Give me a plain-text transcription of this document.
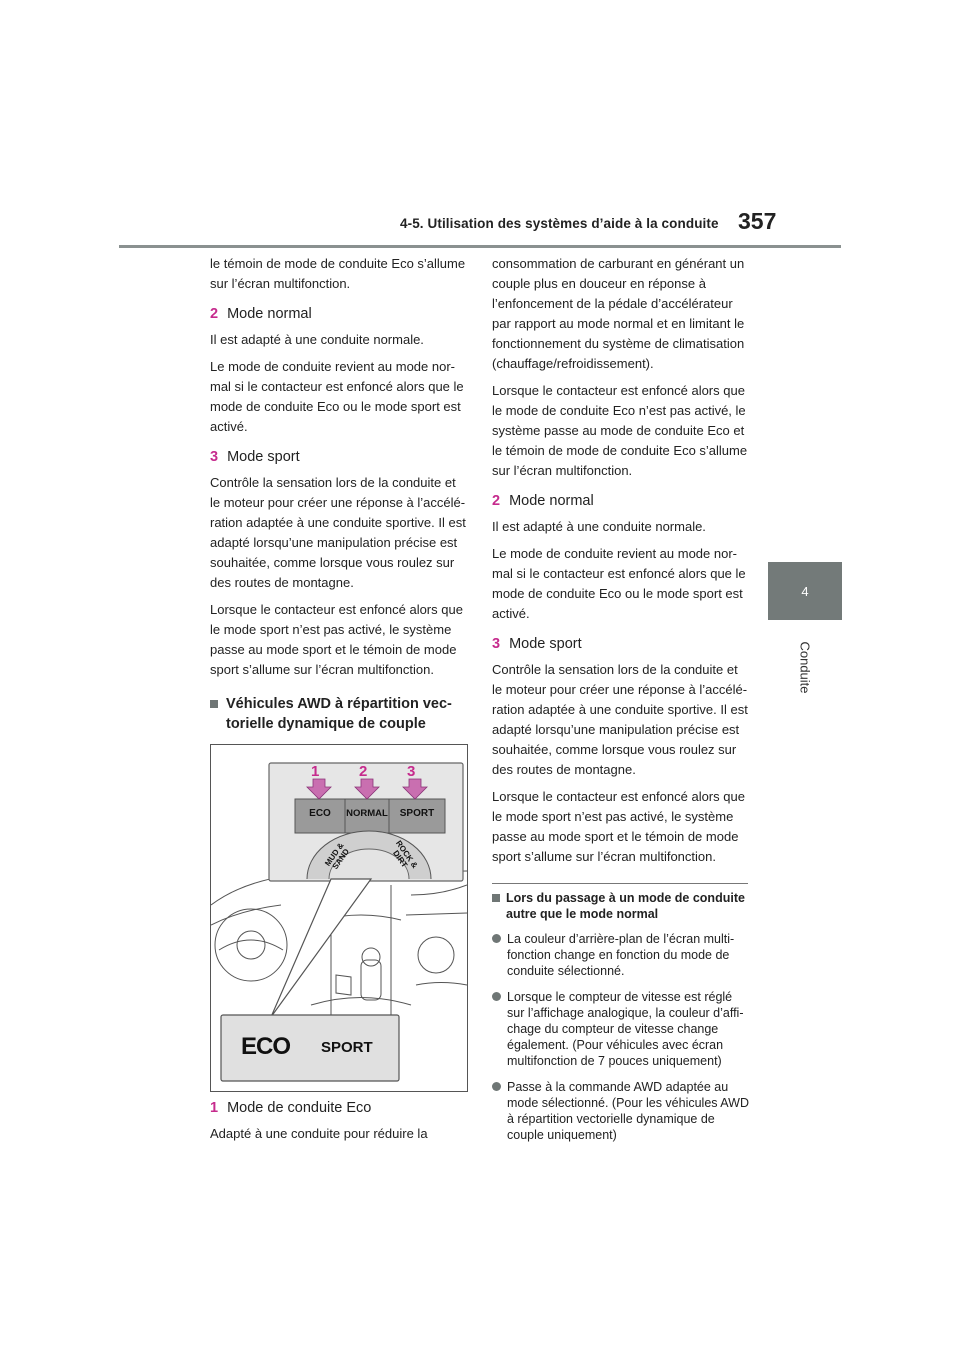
4-5. Utilisation des systèmes d’aide à la conduite 357
4
Conduite

le témoin de mode de conduite Eco s’allume sur l’écran multifonction.

2 Mode normal

Il est adapté à une conduite normale.

Le mode de conduite revient au mode nor-mal si le contacteur est enfoncé alors que le mode de conduite Eco ou le mode sport est activé.

3 Mode sport

Contrôle la sensation lors de la conduite et le moteur pour créer une réponse à l’accélé-ration adaptée à une conduite sportive. Il est adapté lorsqu’une manipulation précise est souhaitée, comme lorsque vous roulez sur des routes de montagne.

Lorsque le contacteur est enfoncé alors que le mode sport n’est pas activé, le système passe au mode sport et le témoin de mode sport s’allume sur l’écran multifonction.

Véhicules AWD à répartition vec-torielle dynamique de couple
1	2	3
ECO	NORMAL	SPORT
MUD & SAND	ROCK & DIRT
ECO SPORT
1 Mode de conduite Eco

Adapté à une conduite pour réduire la

consommation de carburant en générant un couple plus en douceur en réponse à l’enfoncement de la pédale d’accélérateur par rapport au mode normal et en limitant le fonctionnement du système de climatisation (chauffage/refroidissement).

Lorsque le contacteur est enfoncé alors que le mode de conduite Eco n’est pas activé, le système passe au mode de conduite Eco et le témoin de mode de conduite Eco s’allume sur l’écran multifonction.

2 Mode normal

Il est adapté à une conduite normale.

Le mode de conduite revient au mode nor-mal si le contacteur est enfoncé alors que le mode de conduite Eco ou le mode sport est activé.

3 Mode sport

Contrôle la sensation lors de la conduite et le moteur pour créer une réponse à l’accélé-ration adaptée à une conduite sportive. Il est adapté lorsqu’une manipulation précise est souhaitée, comme lorsque vous roulez sur des routes de montagne.

Lorsque le contacteur est enfoncé alors que le mode sport n’est pas activé, le système passe au mode sport et le témoin de mode sport s’allume sur l’écran multifonction.

Lors du passage à un mode de conduite autre que le mode normal
La couleur d’arrière-plan de l’écran multi-fonction change en fonction du mode de conduite sélectionné.
Lorsque le compteur de vitesse est réglé sur l’affichage analogique, la couleur d’affi-chage du compteur de vitesse change également. (Pour véhicules avec écran multifonction de 7 pouces uniquement)
Passe à la commande AWD adaptée au mode sélectionné. (Pour les véhicules AWD à répartition vectorielle dynamique de couple uniquement)
